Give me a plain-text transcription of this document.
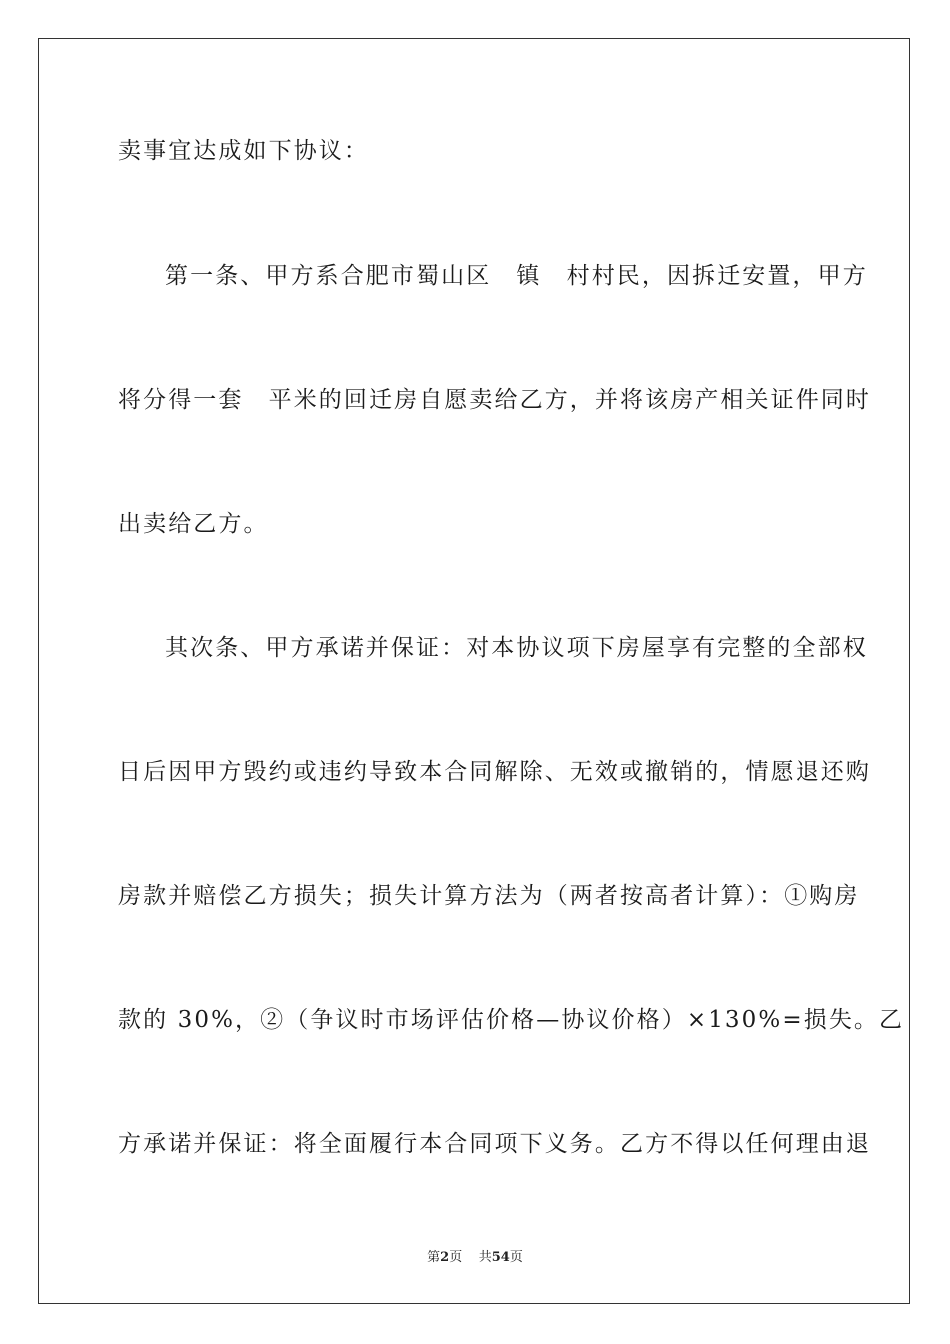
卖事宜达成如下协议：
第一条、甲方系合肥市蜀山区　镇　村村民，因拆迁安置，甲方
将分得一套　平米的回迁房自愿卖给乙方，并将该房产相关证件同时
出卖给乙方。
其次条、甲方承诺并保证：对本协议项下房屋享有完整的全部权
日后因甲方毁约或违约导致本合同解除、无效或撤销的，情愿退还购
房款并赔偿乙方损失；损失计算方法为（两者按高者计算）：①购房
款的 30%，②（争议时市场评估价格—协议价格）×130%=损失。乙
方承诺并保证：将全面履行本合同项下义务。乙方不得以任何理由退
第2页 共54页
